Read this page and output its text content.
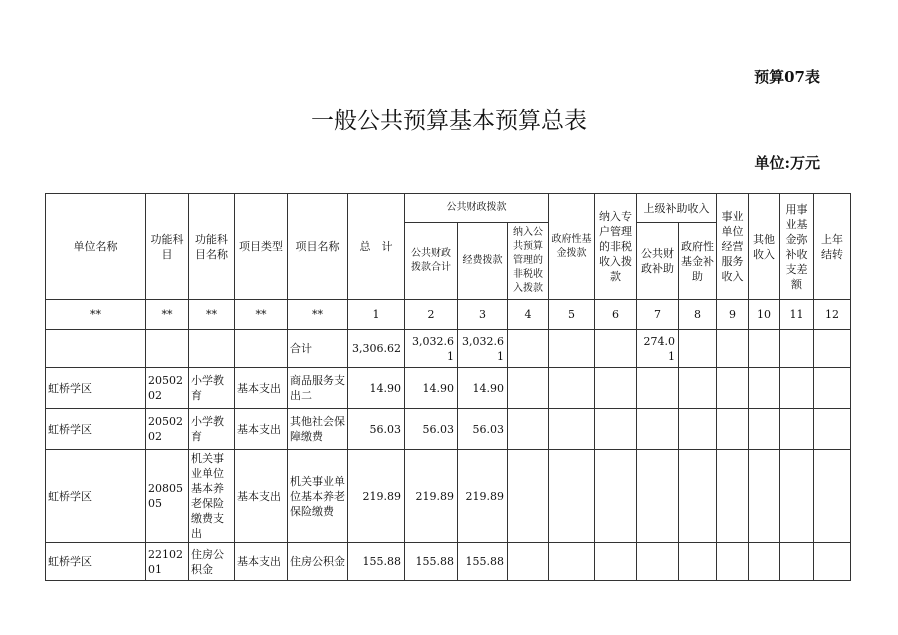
预算07表
一般公共预算基本预算总表
单位:万元
单位名称	功能科目	功能科目名称	项目类型	项目名称	总　计	公共财政拨款			政府性基金拨款	纳入专户管理的非税收入拨款	上级补助收入		事业单位经营服务收入	其他收入	用事业基金弥补收支差额	上年结转
						公共财政拨款合计	经费拨款	纳入公共预算管理的非税收入拨款			公共财政补助	政府性基金补助				
**	**	**	**	**	1	2	3	4	5	6	7	8	9	10	11	12
				合计	3,306.62	3,032.61	3,032.61				274.01					
虹桥学区	2050202	小学教育	基本支出	商品服务支出二	14.90	14.90	14.90									
虹桥学区	2050202	小学教育	基本支出	其他社会保障缴费	56.03	56.03	56.03									
虹桥学区	2080505	机关事业单位基本养老保险缴费支出	基本支出	机关事业单位基本养老保险缴费	219.89	219.89	219.89									
虹桥学区	2210201	住房公积金	基本支出	住房公积金	155.88	155.88	155.88									
